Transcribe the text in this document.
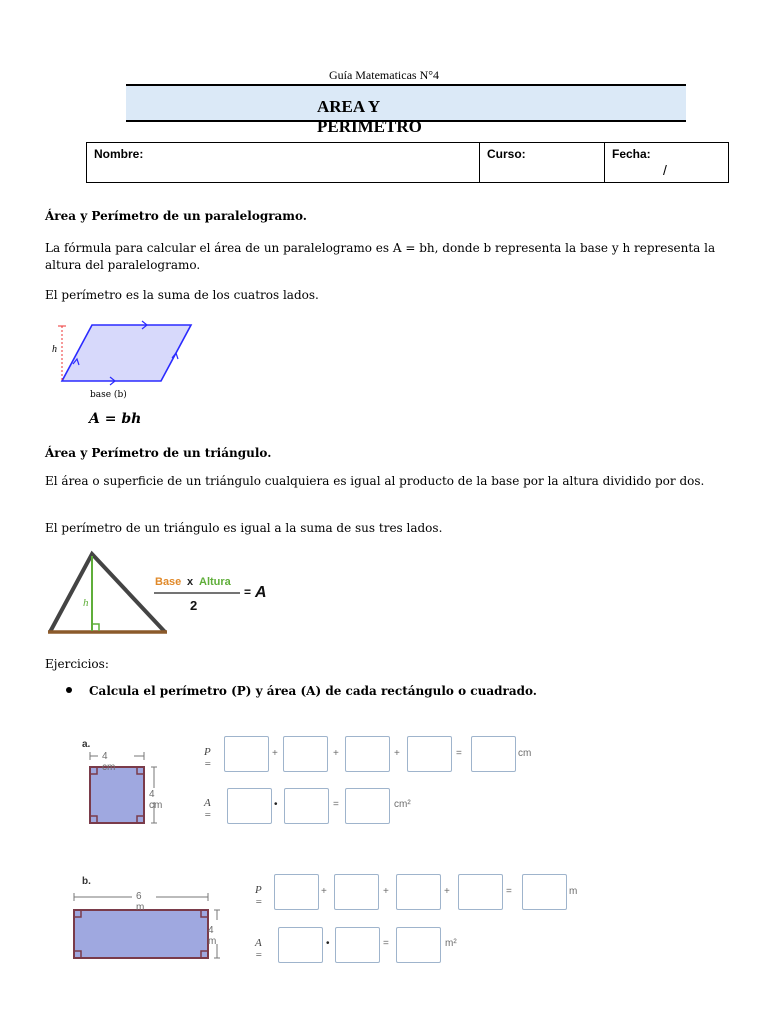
Guía Matematicas N°4
AREA Y
PERIMETRO
Nombre:	Curso:	Fecha:
/
Área y Perímetro de un paralelogramo.
La fórmula para calcular el área de un paralelogramo es A = bh, donde b representa la base y h representa la altura del paralelogramo.
El perímetro es la suma de los cuatros lados.
h
base (b)
A = bh
Área y Perímetro de un triángulo.
El área o superficie de un triángulo cualquiera es igual al producto de la base por la altura dividido por dos.
El perímetro de un triángulo es igual a la suma de sus tres lados.
h
Base x Altura
2
= A
Ejercicios:
Calcula el perímetro (P) y área (A) de cada rectángulo o cuadrado.
a.
4 cm
4 cm
P =
+	+	+	=	cm
A =
•	=	cm²
b.
6 m
4 m
P =
+	+	+	=	m
A =
•	=	m²
